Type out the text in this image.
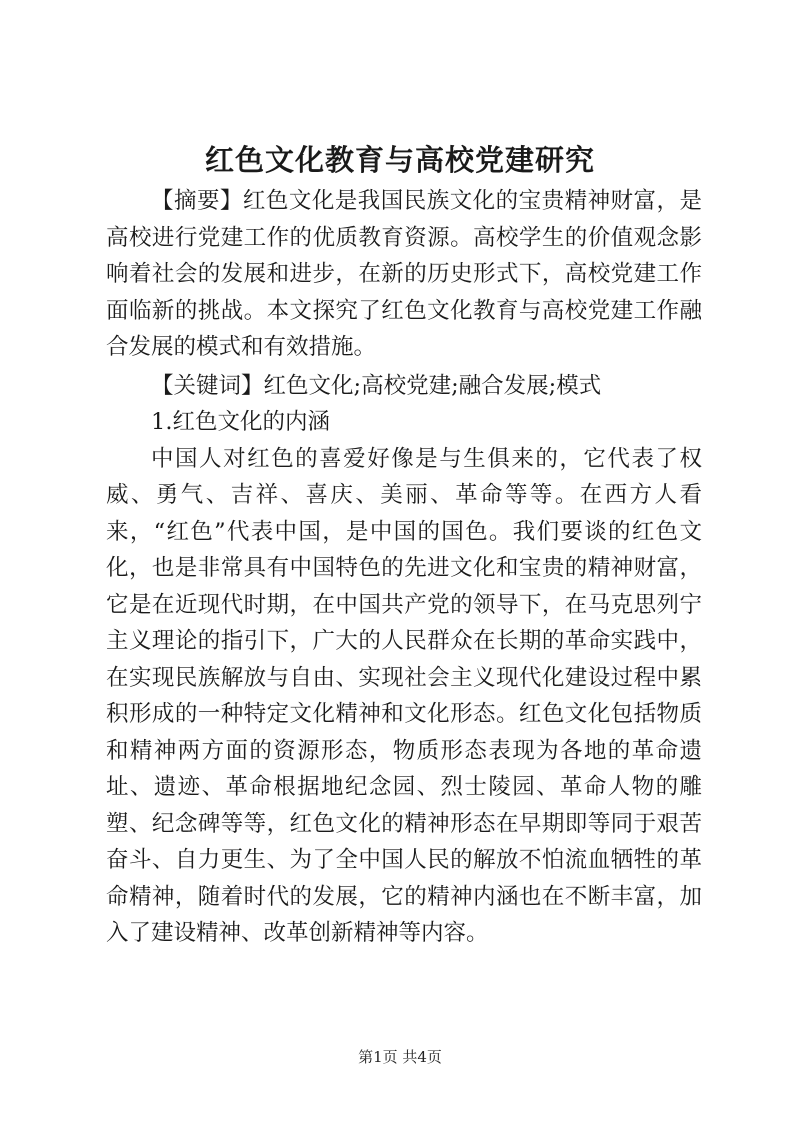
红色文化教育与高校党建研究

【摘要】红色文化是我国民族文化的宝贵精神财富，是高校进行党建工作的优质教育资源。高校学生的价值观念影响着社会的发展和进步，在新的历史形式下，高校党建工作面临新的挑战。本文探究了红色文化教育与高校党建工作融合发展的模式和有效措施。

【关键词】红色文化;高校党建;融合发展;模式

1.红色文化的内涵

中国人对红色的喜爱好像是与生俱来的，它代表了权威、勇气、吉祥、喜庆、美丽、革命等等。在西方人看来，“红色”代表中国，是中国的国色。我们要谈的红色文化，也是非常具有中国特色的先进文化和宝贵的精神财富，它是在近现代时期，在中国共产党的领导下，在马克思列宁主义理论的指引下，广大的人民群众在长期的革命实践中，在实现民族解放与自由、实现社会主义现代化建设过程中累积形成的一种特定文化精神和文化形态。红色文化包括物质和精神两方面的资源形态，物质形态表现为各地的革命遗址、遗迹、革命根据地纪念园、烈士陵园、革命人物的雕塑、纪念碑等等，红色文化的精神形态在早期即等同于艰苦奋斗、自力更生、为了全中国人民的解放不怕流血牺牲的革命精神，随着时代的发展，它的精神内涵也在不断丰富，加入了建设精神、改革创新精神等内容。

第1页 共4页
